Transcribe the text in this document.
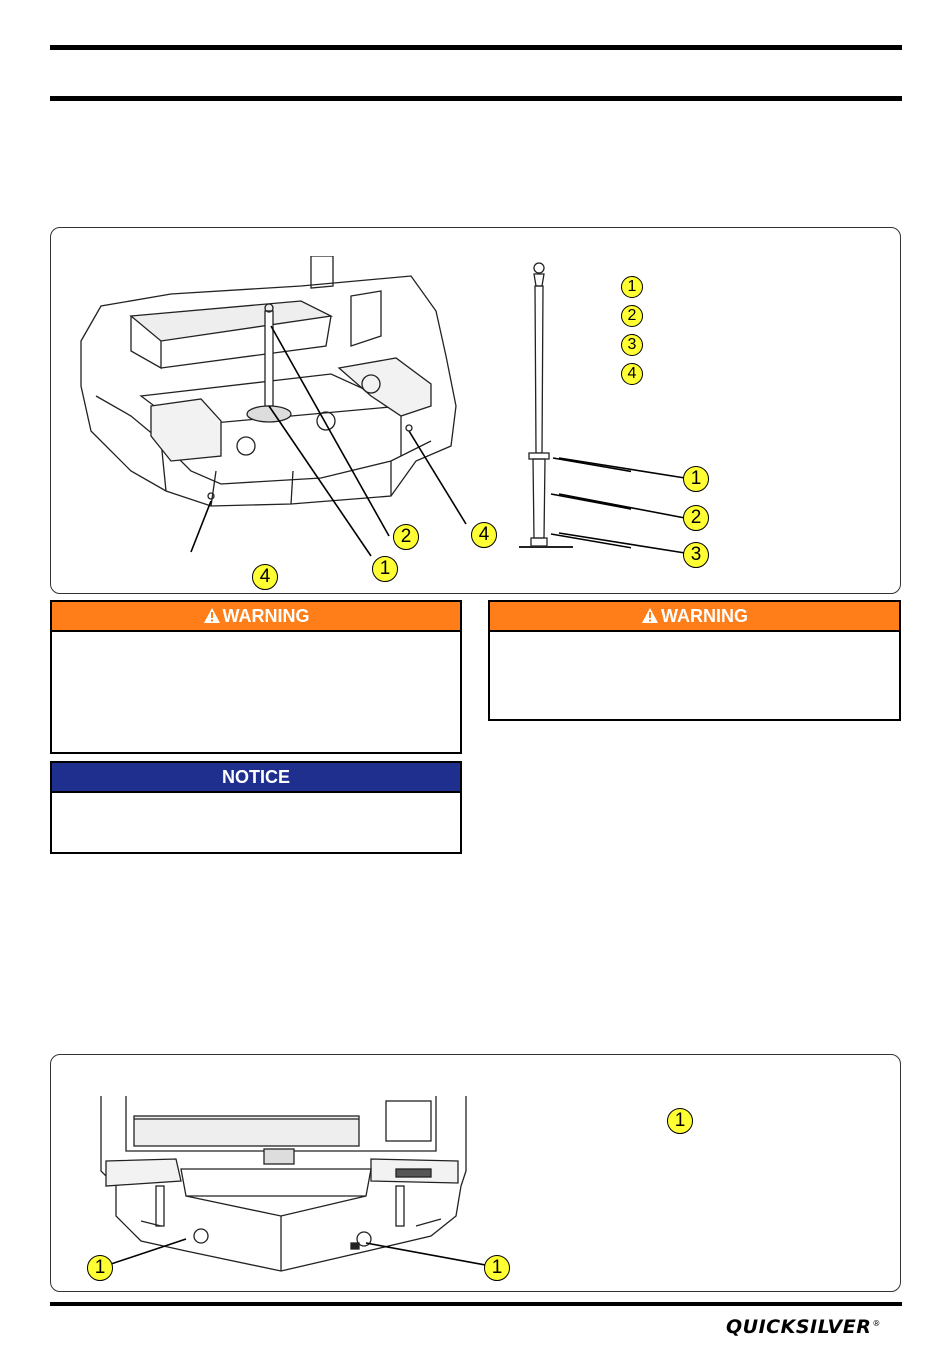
4	1
2	4
1
2
3
4
1
2
3
WARNING	WARNING
NOTICE
1	1
1
QUICKSILVER®
